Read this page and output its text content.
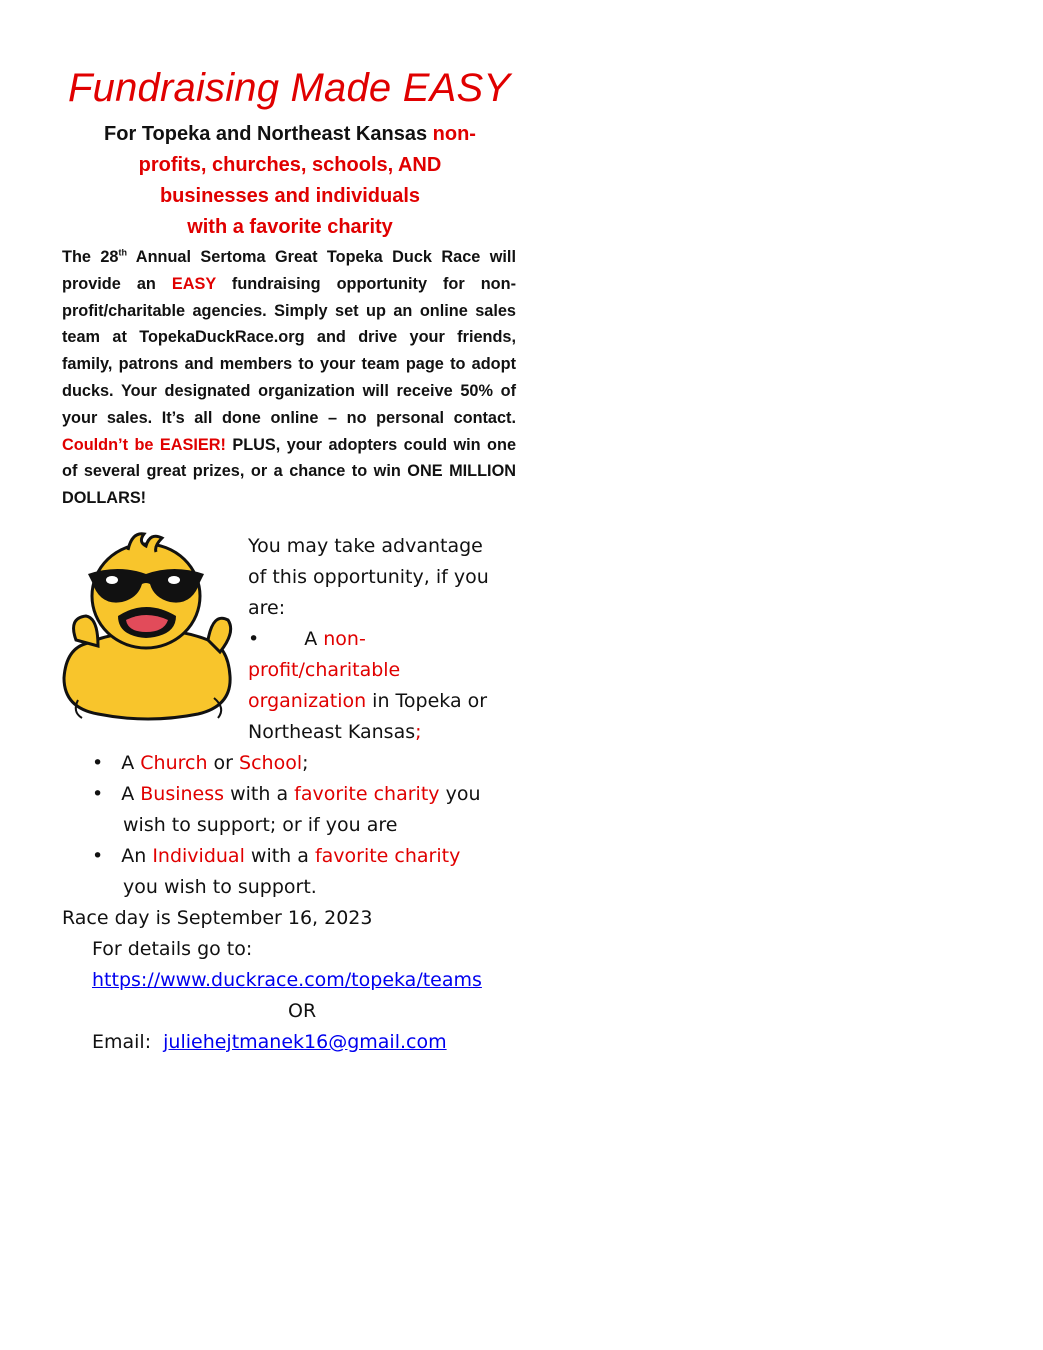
Fundraising Made EASY

For Topeka and Northeast Kansas non-

profits, churches, schools, AND

businesses and individuals

with a favorite charity

The 28th Annual Sertoma Great Topeka Duck Race will provide an EASY fundraising opportunity for non-profit/charitable agencies. Simply set up an online sales team at TopekaDuckRace.org and drive your friends, family, patrons and members to your team page to adopt ducks. Your designated organization will receive 50% of your sales. It’s all done online – no personal contact. Couldn’t be EASIER! PLUS, your adopters could win one of several great prizes, or a chance to win ONE MILLION DOLLARS!

You may take advantage

of this opportunity, if you

are:

• A non-

profit/charitable

organization in Topeka or

Northeast Kansas;

• A Church or School;

• A Business with a favorite charity you

wish to support; or if you are

• An Individual with a favorite charity

you wish to support.

Race day is September 16, 2023

For details go to:

https://www.duckrace.com/topeka/teams

OR

Email: juliehejtmanek16@gmail.com
